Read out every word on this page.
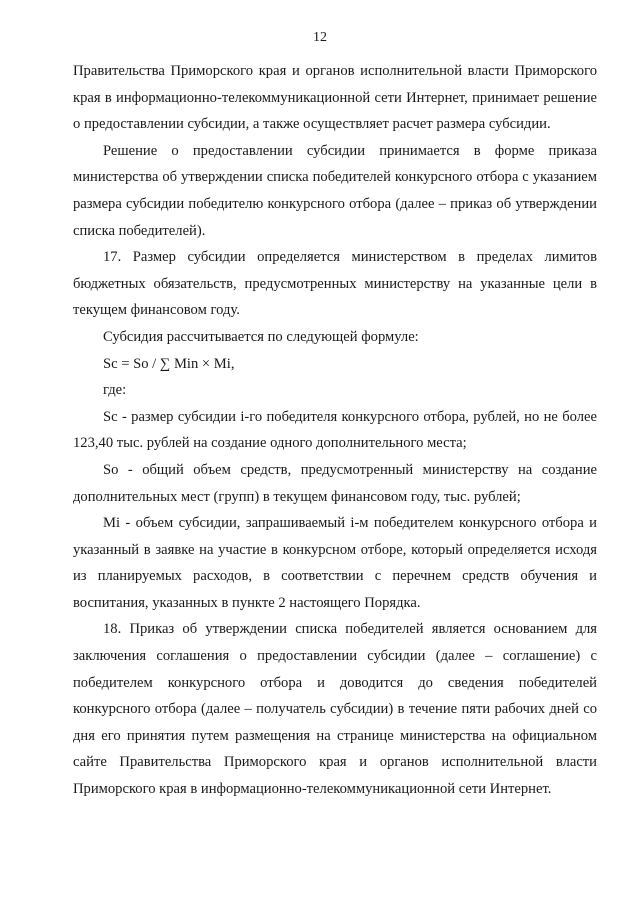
12

Правительства Приморского края и органов исполнительной власти Приморского края в информационно-телекоммуникационной сети Интернет, принимает решение о предоставлении субсидии, а также осуществляет расчет размера субсидии.

Решение о предоставлении субсидии принимается в форме приказа министерства об утверждении списка победителей конкурсного отбора с указанием размера субсидии победителю конкурсного отбора (далее – приказ об утверждении списка победителей).

17. Размер субсидии определяется министерством в пределах лимитов бюджетных обязательств, предусмотренных министерству на указанные цели в текущем финансовом году.

Субсидия рассчитывается по следующей формуле:

Sc = So / ∑ Min × Mi,

где:

Sc - размер субсидии i-го победителя конкурсного отбора, рублей, но не более 123,40 тыс. рублей на создание одного дополнительного места;

So - общий объем средств, предусмотренный министерству на создание дополнительных мест (групп) в текущем финансовом году, тыс. рублей;

Mi - объем субсидии, запрашиваемый i-м победителем конкурсного отбора и указанный в заявке на участие в конкурсном отборе, который определяется исходя из планируемых расходов, в соответствии с перечнем средств обучения и воспитания, указанных в пункте 2 настоящего Порядка.

18. Приказ об утверждении списка победителей является основанием для заключения соглашения о предоставлении субсидии (далее – соглашение) с победителем конкурсного отбора и доводится до сведения победителей конкурсного отбора (далее – получатель субсидии) в течение пяти рабочих дней со дня его принятия путем размещения на странице министерства на официальном сайте Правительства Приморского края и органов исполнительной власти Приморского края в информационно-телекоммуникационной сети Интернет.
